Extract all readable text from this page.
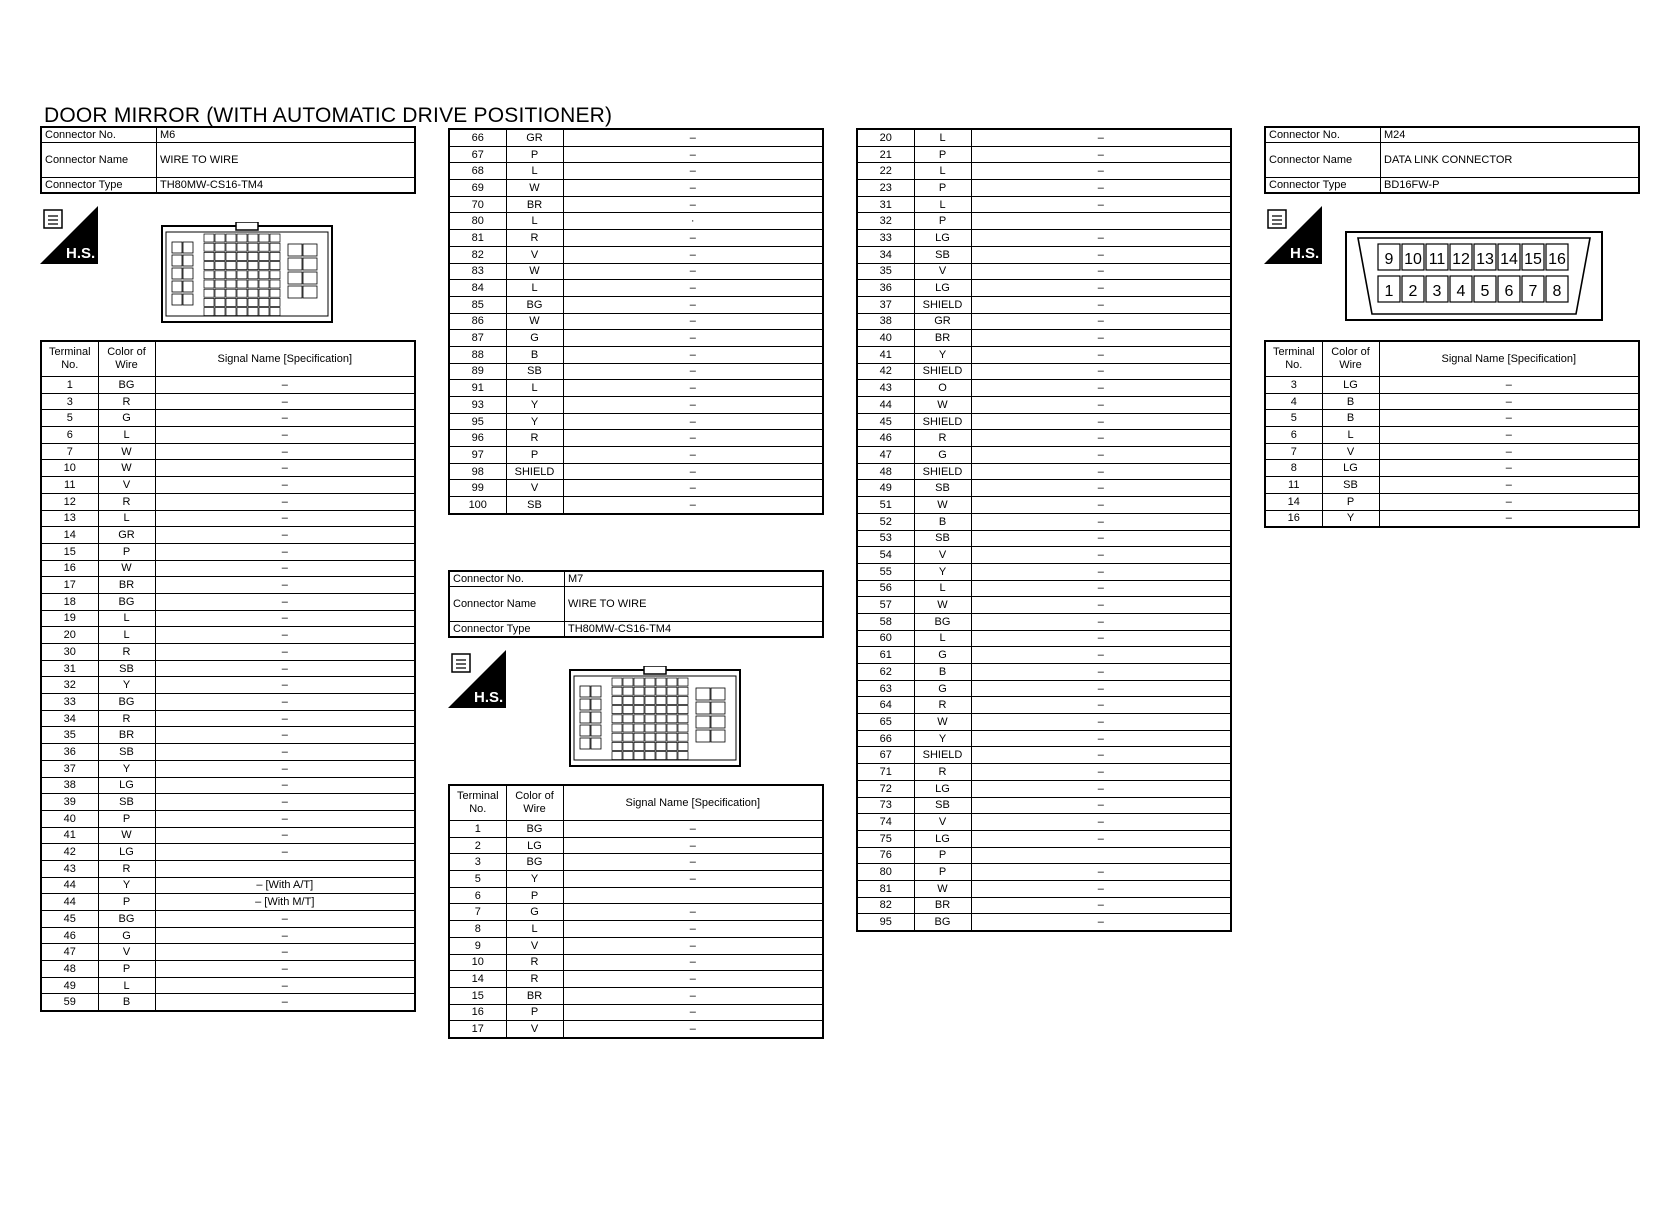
DOOR MIRROR (WITH AUTOMATIC DRIVE POSITIONER)
Connector No.	M6
Connector Name	WIRE TO WIRE
Connector Type	TH80MW-CS16-TM4
H.S.
Terminal No.	Color of Wire	Signal Name [Specification]
1	BG	–
3	R	–
5	G	–
6	L	–
7	W	–
10	W	–
11	V	–
12	R	–
13	L	–
14	GR	–
15	P	–
16	W	–
17	BR	–
18	BG	–
19	L	–
20	L	–
30	R	–
31	SB	–
32	Y	–
33	BG	–
34	R	–
35	BR	–
36	SB	–
37	Y	–
38	LG	–
39	SB	–
40	P	–
41	W	–
42	LG	–
43	R	
44	Y	– [With A/T]
44	P	– [With M/T]
45	BG	–
46	G	–
47	V	–
48	P	–
49	L	–
59	B	–
66	GR	–
67	P	–
68	L	–
69	W	–
70	BR	–
80	L	·
81	R	–
82	V	–
83	W	–
84	L	–
85	BG	–
86	W	–
87	G	–
88	B	–
89	SB	–
91	L	–
93	Y	–
95	Y	–
96	R	–
97	P	–
98	SHIELD	–
99	V	–
100	SB	–
Connector No.	M7
Connector Name	WIRE TO WIRE
Connector Type	TH80MW-CS16-TM4
H.S.
Terminal No.	Color of Wire	Signal Name [Specification]
1	BG	–
2	LG	–
3	BG	–
5	Y	–
6	P	
7	G	–
8	L	–
9	V	–
10	R	–
14	R	–
15	BR	–
16	P	–
17	V	–
20	L	–
21	P	–
22	L	–
23	P	–
31	L	–
32	P	
33	LG	–
34	SB	–
35	V	–
36	LG	–
37	SHIELD	–
38	GR	–
40	BR	–
41	Y	–
42	SHIELD	–
43	O	–
44	W	–
45	SHIELD	–
46	R	–
47	G	–
48	SHIELD	–
49	SB	–
51	W	–
52	B	–
53	SB	–
54	V	–
55	Y	–
56	L	–
57	W	–
58	BG	–
60	L	–
61	G	–
62	B	–
63	G	–
64	R	–
65	W	–
66	Y	–
67	SHIELD	–
71	R	–
72	LG	–
73	SB	–
74	V	–
75	LG	–
76	P	
80	P	–
81	W	–
82	BR	–
95	BG	–
Connector No.	M24
Connector Name	DATA LINK CONNECTOR
Connector Type	BD16FW-P
H.S.	9 10 11 12 13 14 15 16
1 2 3 4 5 6 7 8
Terminal No.	Color of Wire	Signal Name [Specification]
3	LG	–
4	B	–
5	B	–
6	L	–
7	V	–
8	LG	–
11	SB	–
14	P	–
16	Y	–
